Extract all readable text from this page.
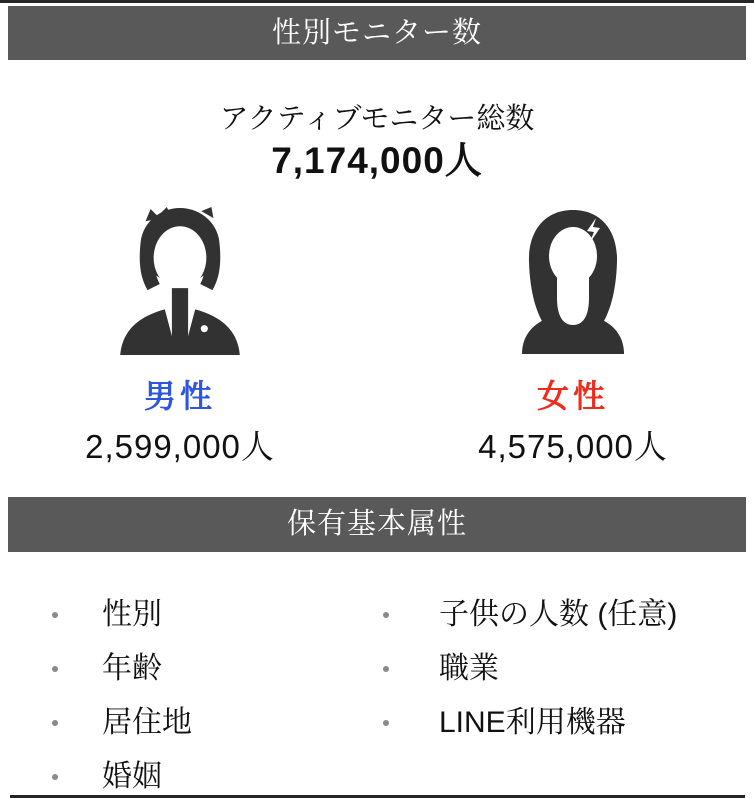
性別モニター数
アクティブモニター総数
7,174,000人
男性
2,599,000人
女性
4,575,000人
保有基本属性
性別
年齢
居住地
婚姻
子供の人数 (任意)
職業
LINE利用機器
